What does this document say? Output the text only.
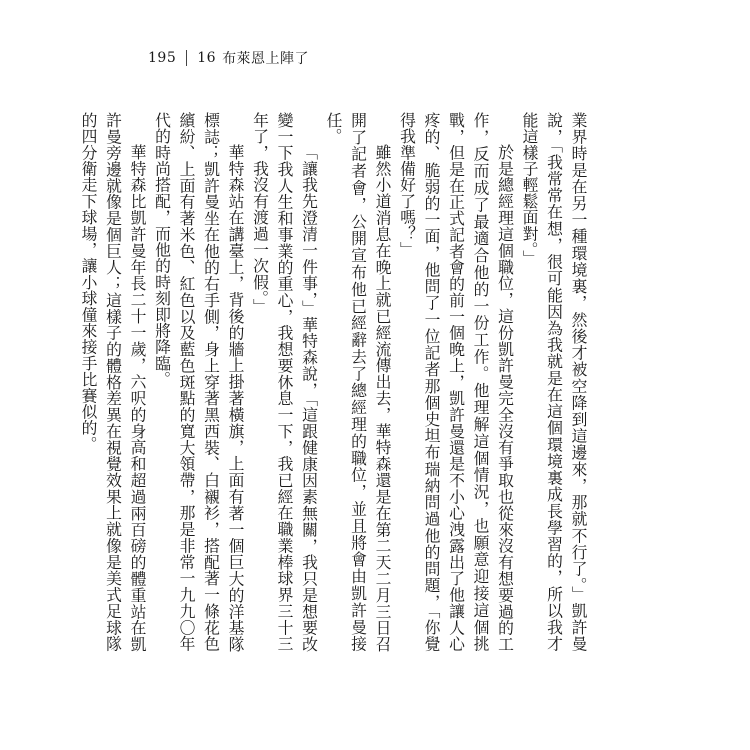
195 16 布萊恩上陣了

業界時是在另一種環境裏，然後才被空降到這邊來，那就不行了。」凱許曼說，「我常常在想，很可能因為我就是在這個環境裏成長學習的，所以我才能這樣子輕鬆面對。」

於是總經理這個職位，這份凱許曼完全沒有爭取也從來沒有想要過的工作，反而成了最適合他的一份工作。他理解這個情況，也願意迎接這個挑戰，但是在正式記者會的前一個晚上，凱許曼還是不小心洩露出了他讓人心疼的、脆弱的一面，他問了一位記者那個史坦布瑞納問過他的問題，「你覺得我準備好了嗎？」

雖然小道消息在晚上就已經流傳出去，華特森還是在第二天二月三日召開了記者會，公開宣布他已經辭去了總經理的職位，並且將會由凱許曼接任。

「讓我先澄清一件事，」華特森說，「這跟健康因素無關，我只是想要改變一下我人生和事業的重心，我想要休息一下，我已經在職業棒球界三十三年了，我沒有渡過一次假。」

華特森站在講臺上，背後的牆上掛著橫旗，上面有著一個巨大的洋基隊標誌；凱許曼坐在他的右手側，身上穿著黑西裝、白襯衫，搭配著一條花色繽紛、上面有著米色、紅色以及藍色斑點的寬大領帶，那是非常一九九〇年代的時尚搭配，而他的時刻即將降臨。

華特森比凱許曼年長二十一歲，六呎的身高和超過兩百磅的體重站在凱許曼旁邊就像是個巨人；這樣子的體格差異在視覺效果上就像是美式足球隊的四分衛走下球場，讓小球僮來接手比賽似的。
